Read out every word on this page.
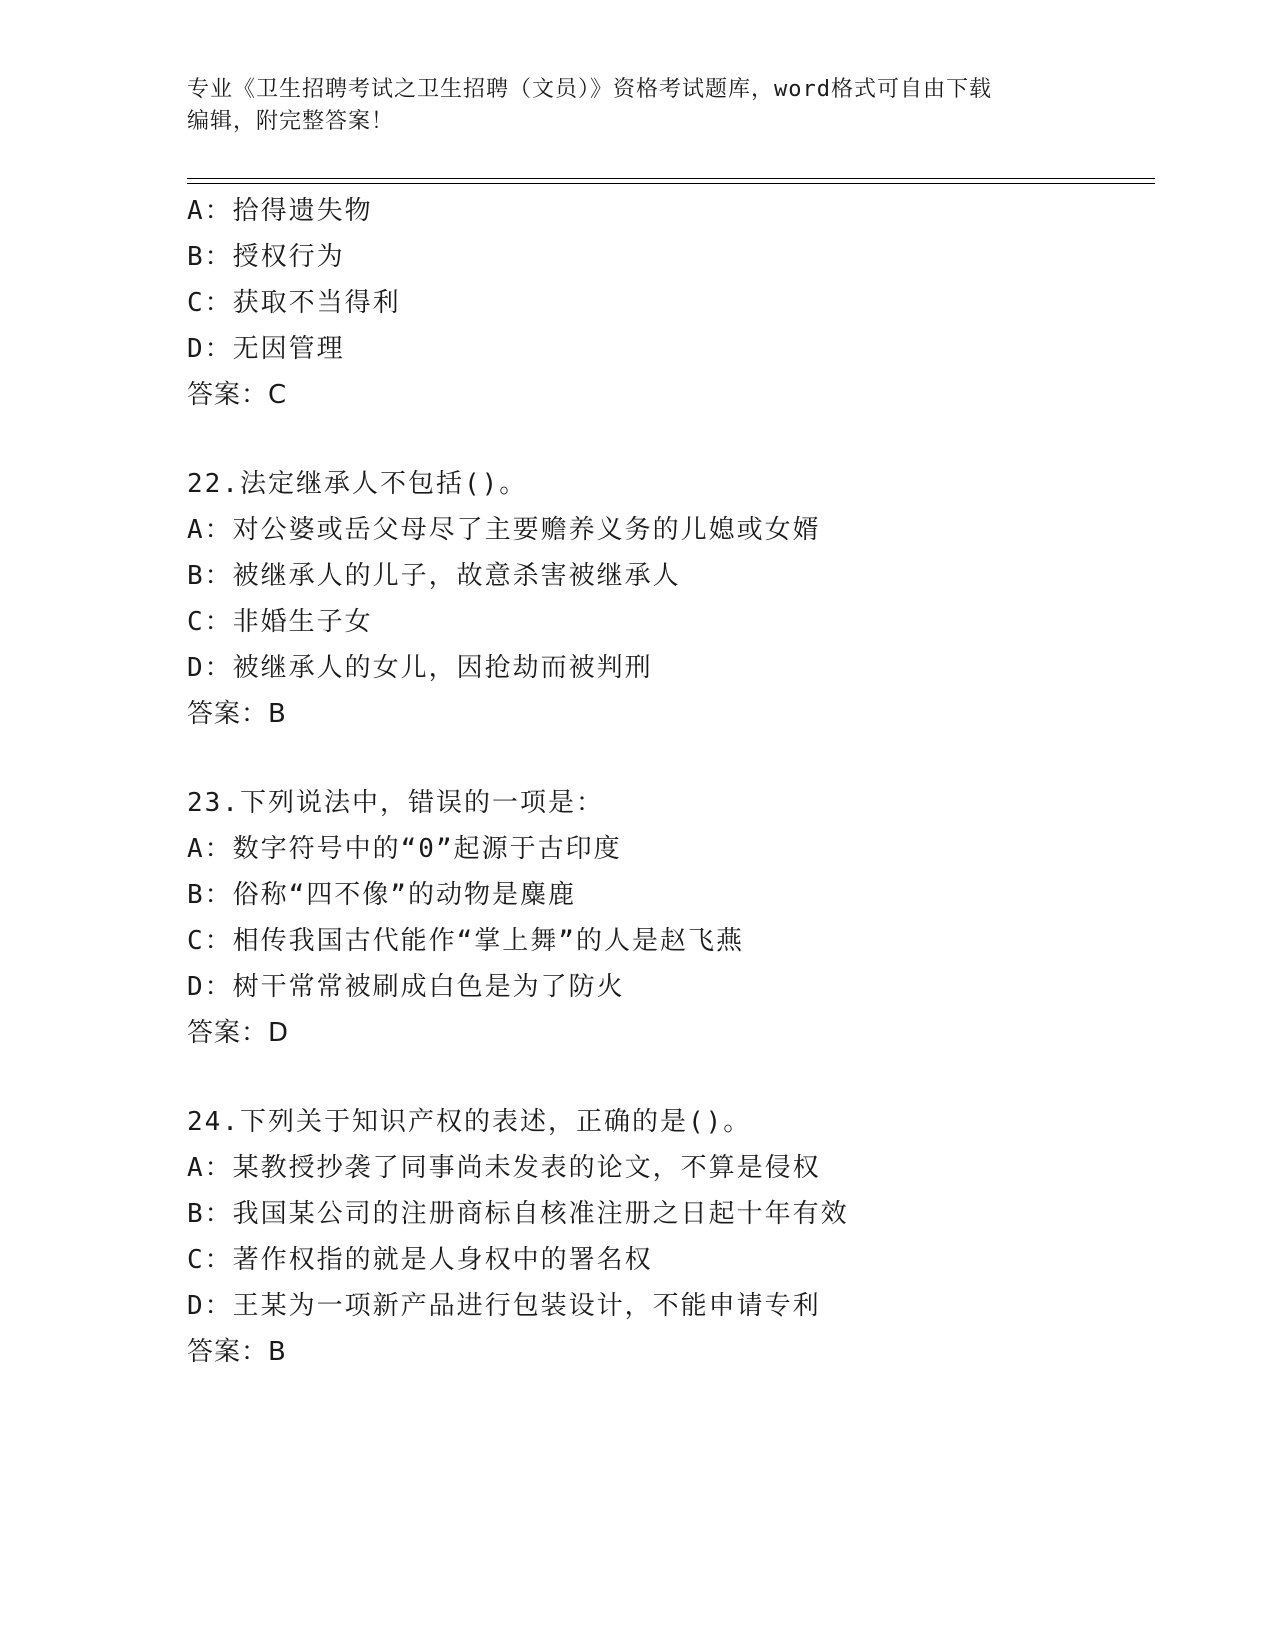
专业《卫生招聘考试之卫生招聘（文员）》资格考试题库，word格式可自由下载
编辑，附完整答案！
A：拾得遗失物
B：授权行为
C：获取不当得利
D：无因管理
答案：C
22.法定继承人不包括()。
A：对公婆或岳父母尽了主要赡养义务的儿媳或女婿
B：被继承人的儿子，故意杀害被继承人
C：非婚生子女
D：被继承人的女儿，因抢劫而被判刑
答案：B
23.下列说法中，错误的一项是：
A：数字符号中的“0”起源于古印度
B：俗称“四不像”的动物是麋鹿
C：相传我国古代能作“掌上舞”的人是赵飞燕
D：树干常常被刷成白色是为了防火
答案：D
24.下列关于知识产权的表述，正确的是()。
A：某教授抄袭了同事尚未发表的论文，不算是侵权
B：我国某公司的注册商标自核准注册之日起十年有效
C：著作权指的就是人身权中的署名权
D：王某为一项新产品进行包装设计，不能申请专利
答案：B
